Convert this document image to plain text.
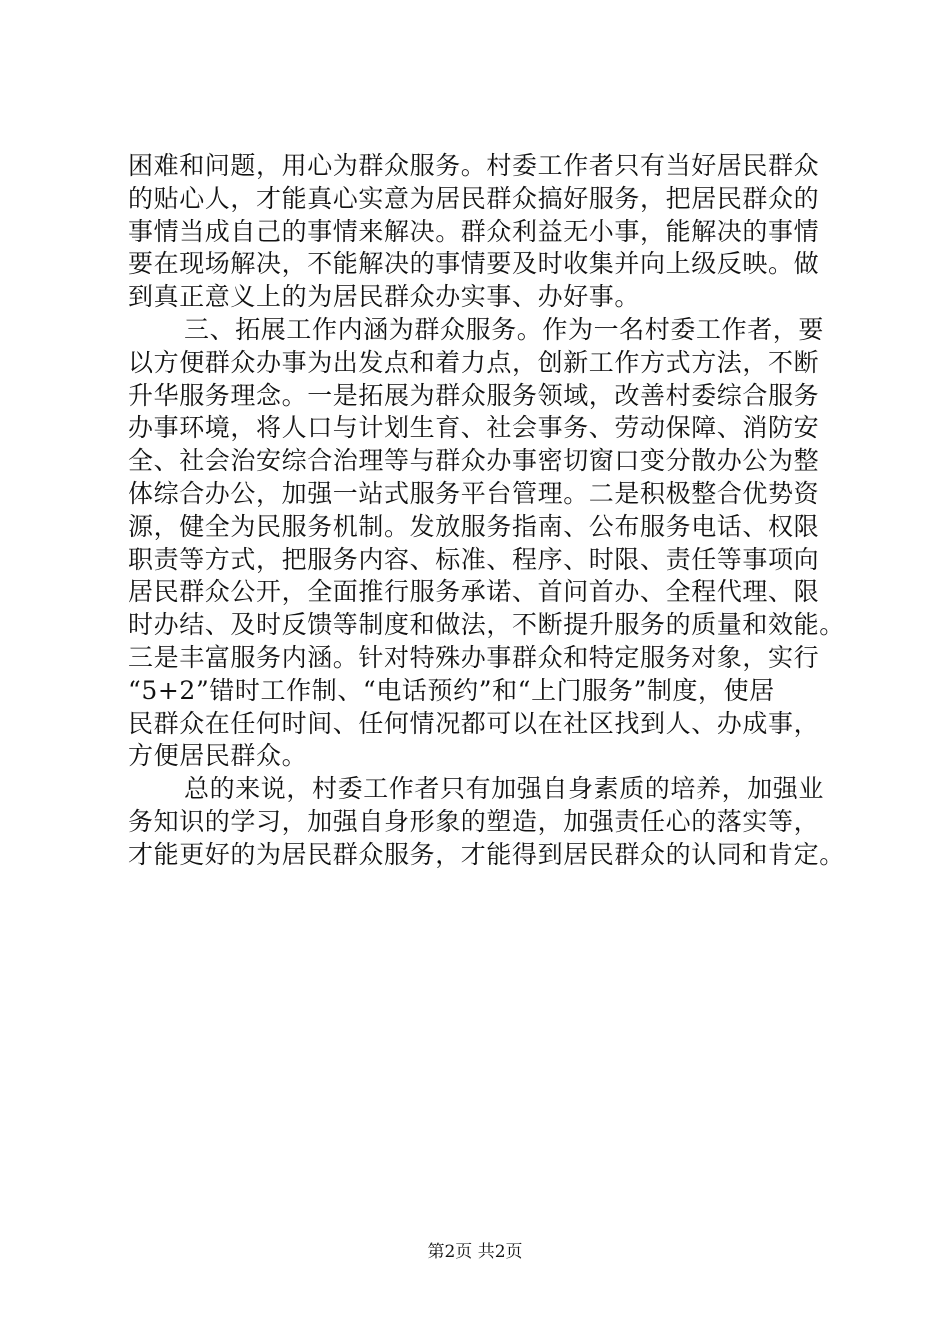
困难和问题，用心为群众服务。村委工作者只有当好居民群众
的贴心人，才能真心实意为居民群众搞好服务，把居民群众的
事情当成自己的事情来解决。群众利益无小事，能解决的事情
要在现场解决，不能解决的事情要及时收集并向上级反映。做
到真正意义上的为居民群众办实事、办好事。
三、拓展工作内涵为群众服务。作为一名村委工作者，要
以方便群众办事为出发点和着力点，创新工作方式方法，不断
升华服务理念。一是拓展为群众服务领域，改善村委综合服务
办事环境，将人口与计划生育、社会事务、劳动保障、消防安
全、社会治安综合治理等与群众办事密切窗口变分散办公为整
体综合办公，加强一站式服务平台管理。二是积极整合优势资
源，健全为民服务机制。发放服务指南、公布服务电话、权限
职责等方式，把服务内容、标准、程序、时限、责任等事项向
居民群众公开，全面推行服务承诺、首问首办、全程代理、限
时办结、及时反馈等制度和做法，不断提升服务的质量和效能。
三是丰富服务内涵。针对特殊办事群众和特定服务对象，实行
“5+2”错时工作制、“电话预约”和“上门服务”制度，使居
民群众在任何时间、任何情况都可以在社区找到人、办成事，
方便居民群众。
总的来说，村委工作者只有加强自身素质的培养，加强业
务知识的学习，加强自身形象的塑造，加强责任心的落实等，
才能更好的为居民群众服务，才能得到居民群众的认同和肯定。
第2页 共2页
